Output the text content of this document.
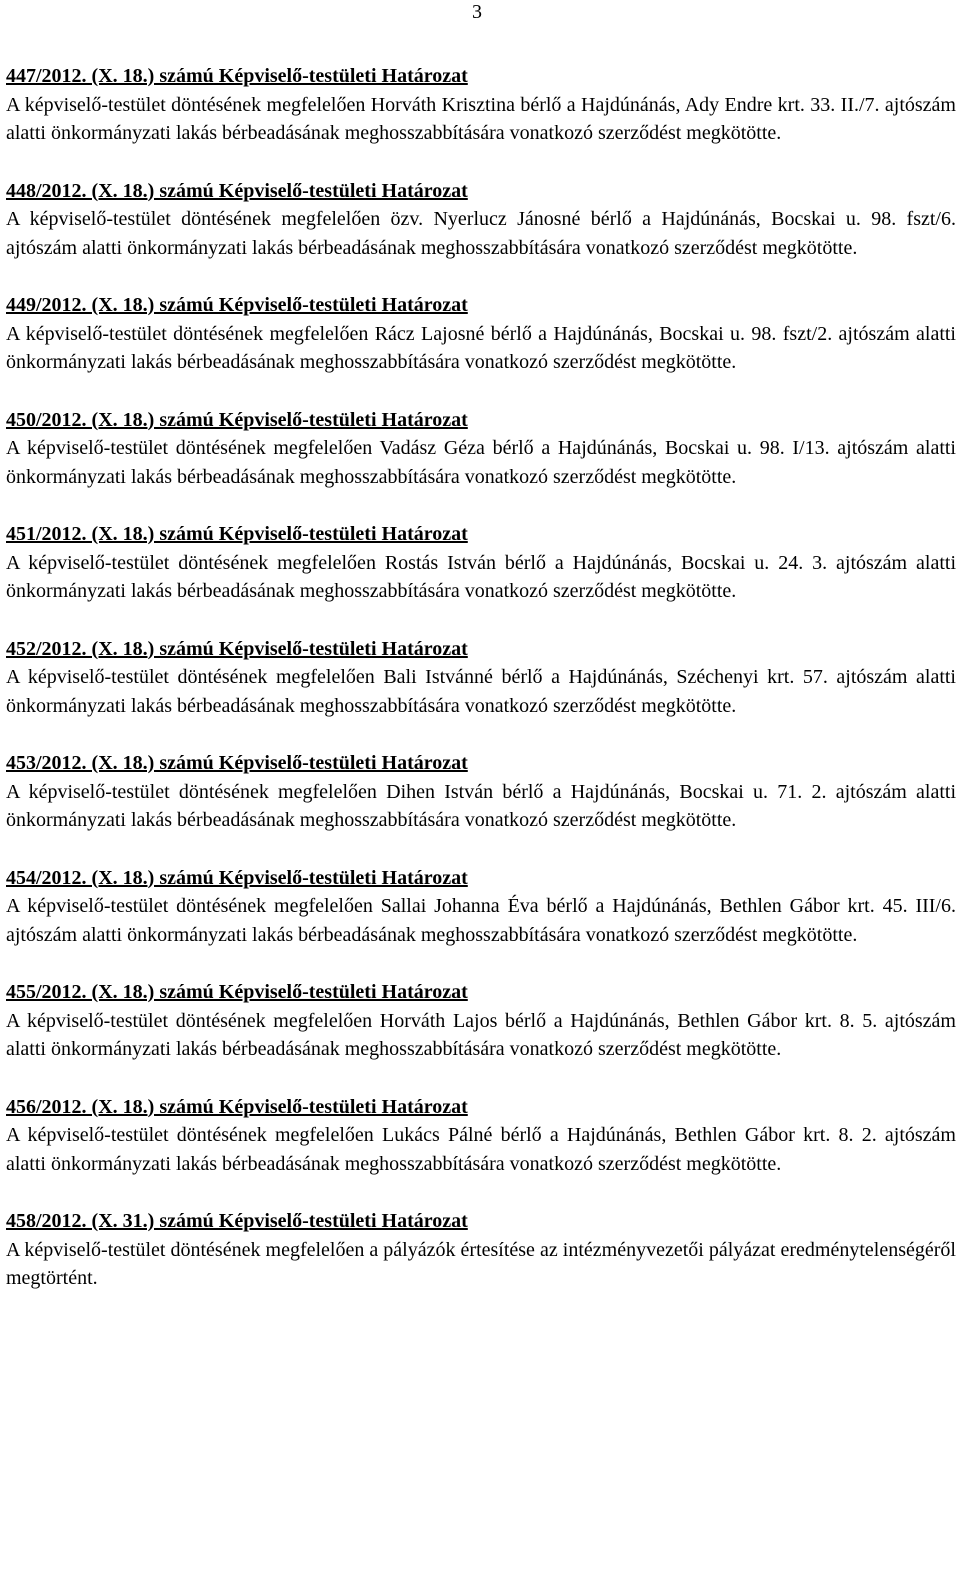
3
447/2012. (X. 18.) számú Képviselő-testületi Határozat
A képviselő-testület döntésének megfelelően Horváth Krisztina bérlő a Hajdúnánás, Ady Endre krt. 33. II./7. ajtószám alatti önkormányzati lakás bérbeadásának meghosszabbítására vonatkozó szerződést megkötötte.
448/2012. (X. 18.) számú Képviselő-testületi Határozat
A képviselő-testület döntésének megfelelően özv. Nyerlucz Jánosné bérlő a Hajdúnánás, Bocskai u. 98. fszt/6. ajtószám alatti önkormányzati lakás bérbeadásának meghosszabbítására vonatkozó szerződést megkötötte.
449/2012. (X. 18.) számú Képviselő-testületi Határozat
A képviselő-testület döntésének megfelelően Rácz Lajosné bérlő a Hajdúnánás, Bocskai u. 98. fszt/2. ajtószám alatti önkormányzati lakás bérbeadásának meghosszabbítására vonatkozó szerződést megkötötte.
450/2012. (X. 18.) számú Képviselő-testületi Határozat
A képviselő-testület döntésének megfelelően Vadász Géza bérlő a Hajdúnánás, Bocskai u. 98. I/13. ajtószám alatti önkormányzati lakás bérbeadásának meghosszabbítására vonatkozó szerződést megkötötte.
451/2012. (X. 18.) számú Képviselő-testületi Határozat
A képviselő-testület döntésének megfelelően Rostás István bérlő a Hajdúnánás, Bocskai u. 24. 3. ajtószám alatti önkormányzati lakás bérbeadásának meghosszabbítására vonatkozó szerződést megkötötte.
452/2012. (X. 18.) számú Képviselő-testületi Határozat
A képviselő-testület döntésének megfelelően Bali Istvánné bérlő a Hajdúnánás, Széchenyi krt. 57. ajtószám alatti önkormányzati lakás bérbeadásának meghosszabbítására vonatkozó szerződést megkötötte.
453/2012. (X. 18.) számú Képviselő-testületi Határozat
A képviselő-testület döntésének megfelelően Dihen István bérlő a Hajdúnánás, Bocskai u. 71. 2. ajtószám alatti önkormányzati lakás bérbeadásának meghosszabbítására vonatkozó szerződést megkötötte.
454/2012. (X. 18.) számú Képviselő-testületi Határozat
A képviselő-testület döntésének megfelelően Sallai Johanna Éva bérlő a Hajdúnánás, Bethlen Gábor krt. 45. III/6. ajtószám alatti önkormányzati lakás bérbeadásának meghosszabbítására vonatkozó szerződést megkötötte.
455/2012. (X. 18.) számú Képviselő-testületi Határozat
A képviselő-testület döntésének megfelelően Horváth Lajos bérlő a Hajdúnánás, Bethlen Gábor krt. 8. 5. ajtószám alatti önkormányzati lakás bérbeadásának meghosszabbítására vonatkozó szerződést megkötötte.
456/2012. (X. 18.) számú Képviselő-testületi Határozat
A képviselő-testület döntésének megfelelően Lukács Pálné bérlő a Hajdúnánás, Bethlen Gábor krt. 8. 2. ajtószám alatti önkormányzati lakás bérbeadásának meghosszabbítására vonatkozó szerződést megkötötte.
458/2012. (X. 31.) számú Képviselő-testületi Határozat
A képviselő-testület döntésének megfelelően a pályázók értesítése az intézményvezetői pályázat eredménytelenségéről megtörtént.
